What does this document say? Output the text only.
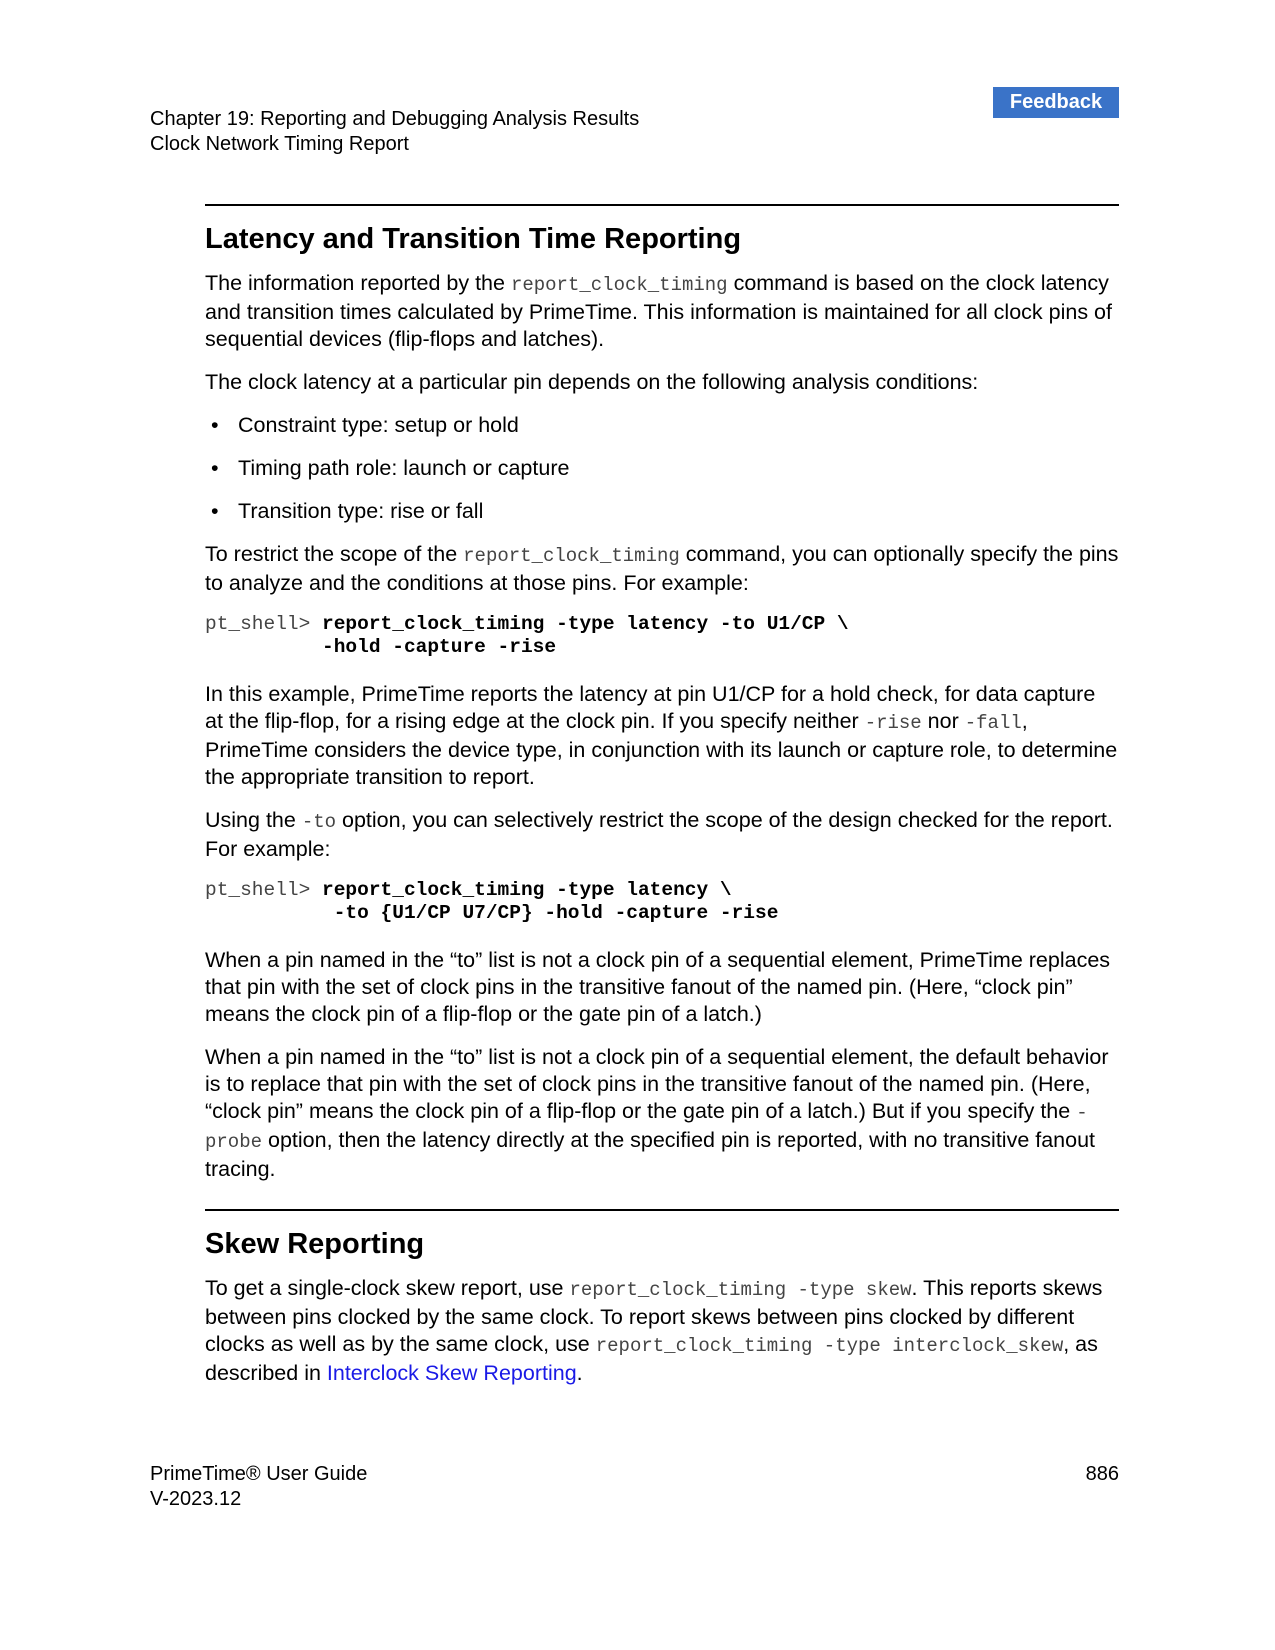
Chapter 19: Reporting and Debugging Analysis Results
Clock Network Timing Report
Feedback
Latency and Transition Time Reporting

The information reported by the report_clock_timing command is based on the clock latency and transition times calculated by PrimeTime. This information is maintained for all clock pins of sequential devices (flip-flops and latches).

The clock latency at a particular pin depends on the following analysis conditions:

• Constraint type: setup or hold
• Timing path role: launch or capture
• Transition type: rise or fall

To restrict the scope of the report_clock_timing command, you can optionally specify the pins to analyze and the conditions at those pins. For example:

pt_shell> report_clock_timing -type latency -to U1/CP \
-hold -capture -rise

In this example, PrimeTime reports the latency at pin U1/CP for a hold check, for data capture at the flip-flop, for a rising edge at the clock pin. If you specify neither -rise nor -fall, PrimeTime considers the device type, in conjunction with its launch or capture role, to determine the appropriate transition to report.

Using the -to option, you can selectively restrict the scope of the design checked for the report. For example:

pt_shell> report_clock_timing -type latency \
-to {U1/CP U7/CP} -hold -capture -rise

When a pin named in the “to” list is not a clock pin of a sequential element, PrimeTime replaces that pin with the set of clock pins in the transitive fanout of the named pin. (Here, “clock pin” means the clock pin of a flip-flop or the gate pin of a latch.)

When a pin named in the “to” list is not a clock pin of a sequential element, the default behavior is to replace that pin with the set of clock pins in the transitive fanout of the named pin. (Here, “clock pin” means the clock pin of a flip-flop or the gate pin of a latch.) But if you specify the -probe option, then the latency directly at the specified pin is reported, with no transitive fanout tracing.

Skew Reporting

To get a single-clock skew report, use report_clock_timing -type skew. This reports skews between pins clocked by the same clock. To report skews between pins clocked by different clocks as well as by the same clock, use report_clock_timing -type interclock_skew, as described in Interclock Skew Reporting.

PrimeTime® User Guide
V-2023.12
886
